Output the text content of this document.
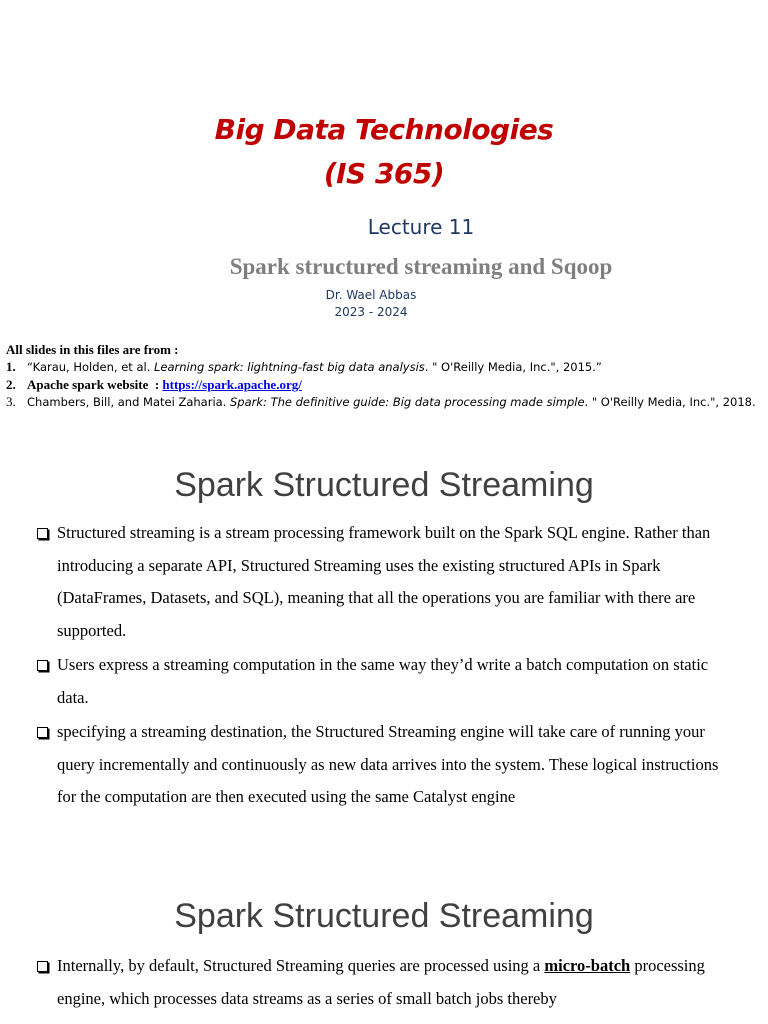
Big Data Technologies
(IS 365)
Lecture 11
Spark structured streaming and Sqoop
Dr. Wael Abbas
2023 - 2024
All slides in this files are from :
1. “Karau, Holden, et al. Learning spark: lightning-fast big data analysis. " O'Reilly Media, Inc.", 2015.”
2. Apache spark website  : https://spark.apache.org/
3. Chambers, Bill, and Matei Zaharia. Spark: The definitive guide: Big data processing made simple. " O'Reilly Media, Inc.", 2018.
Spark Structured Streaming
Structured streaming is a stream processing framework built on the Spark SQL engine. Rather than introducing a separate API, Structured Streaming uses the existing structured APIs in Spark (DataFrames, Datasets, and SQL), meaning that all the operations you are familiar with there are supported.
Users express a streaming computation in the same way they’d write a batch computation on static data.
specifying a streaming destination, the Structured Streaming engine will take care of running your query incrementally and continuously as new data arrives into the system. These logical instructions for the computation are then executed using the same Catalyst engine
Spark Structured Streaming
Internally, by default, Structured Streaming queries are processed using a micro-batch processing engine, which processes data streams as a series of small batch jobs thereby
